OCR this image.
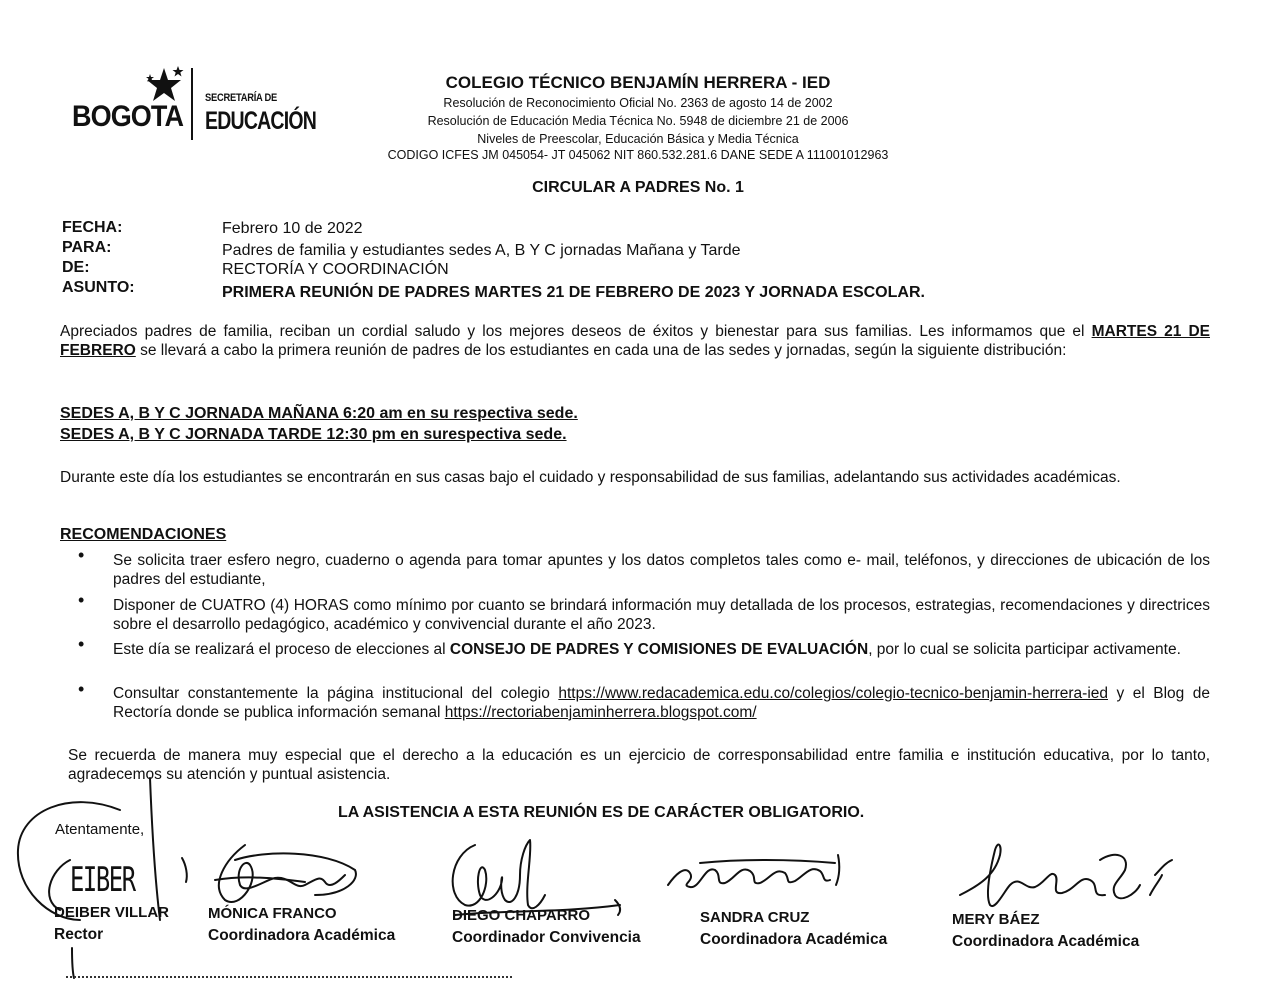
BOGOTA
SECRETARÍA DE
EDUCACIÓN
COLEGIO TÉCNICO BENJAMÍN HERRERA - IED
Resolución de Reconocimiento Oficial No. 2363 de agosto 14 de 2002
Resolución de Educación Media Técnica No. 5948 de diciembre 21 de 2006
Niveles de Preescolar, Educación Básica y Media Técnica
CODIGO ICFES JM 045054- JT 045062 NIT 860.532.281.6 DANE SEDE A 111001012963
CIRCULAR A PADRES No. 1
FECHA:	Febrero 10 de 2022
PARA:	Padres de familia y estudiantes sedes A, B Y C jornadas Mañana y Tarde
DE:	RECTORÍA Y COORDINACIÓN
ASUNTO:	PRIMERA REUNIÓN DE PADRES MARTES 21 DE FEBRERO DE 2023 Y JORNADA ESCOLAR.
Apreciados padres de familia, reciban un cordial saludo y los mejores deseos de éxitos y bienestar para sus familias. Les informamos que el MARTES 21 DE FEBRERO se llevará a cabo la primera reunión de padres de los estudiantes en cada una de las sedes y jornadas, según la siguiente distribución:
SEDES A, B Y C JORNADA MAÑANA 6:20 am en su respectiva sede.
SEDES A, B Y C JORNADA TARDE 12:30 pm en surespectiva sede.
Durante este día los estudiantes se encontrarán en sus casas bajo el cuidado y responsabilidad de sus familias, adelantando sus actividades académicas.
RECOMENDACIONES
• Se solicita traer esfero negro, cuaderno o agenda para tomar apuntes y los datos completos tales como e- mail, teléfonos, y direcciones de ubicación de los padres del estudiante,
• Disponer de CUATRO (4) HORAS como mínimo por cuanto se brindará información muy detallada de los procesos, estrategias, recomendaciones y directrices sobre el desarrollo pedagógico, académico y convivencial durante el año 2023.
• Este día se realizará el proceso de elecciones al CONSEJO DE PADRES Y COMISIONES DE EVALUACIÓN, por lo cual se solicita participar activamente.
• Consultar constantemente la página institucional del colegio https://www.redacademica.edu.co/colegios/colegio-tecnico-benjamin-herrera-ied y el Blog de Rectoría donde se publica información semanal https://rectoriabenjaminherrera.blogspot.com/
Se recuerda de manera muy especial que el derecho a la educación es un ejercicio de corresponsabilidad entre familia e institución educativa, por lo tanto, agradecemos su atención y puntual asistencia.
LA ASISTENCIA A ESTA REUNIÓN ES DE CARÁCTER OBLIGATORIO.
Atentamente,
EIBER
DEIBER VILLAR
Rector
MÓNICA FRANCO
Coordinadora Académica
DIEGO CHAPARRO
Coordinador Convivencia
SANDRA CRUZ
Coordinadora Académica
MERY BÁEZ
Coordinadora Académica
